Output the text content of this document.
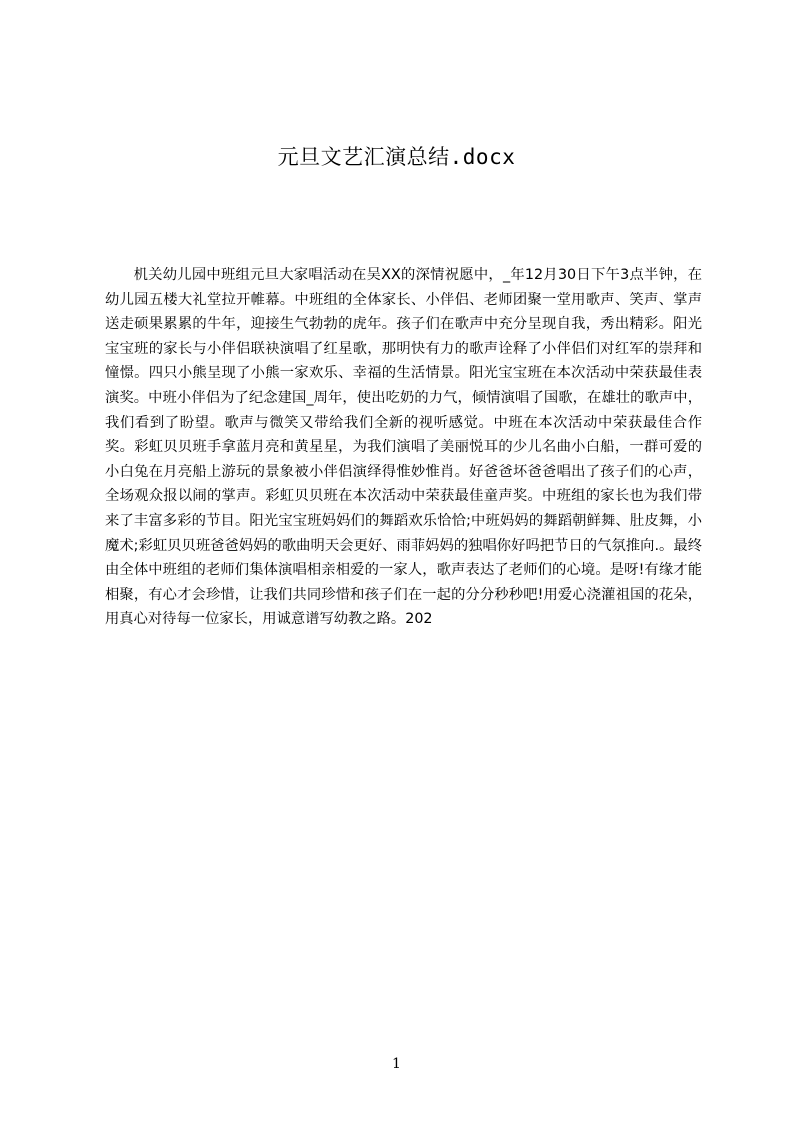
元旦文艺汇演总结.docx

机关幼儿园中班组元旦大家唱活动在吴XX的深情祝愿中，_年12月30日下午3点半钟，在幼儿园五楼大礼堂拉开帷幕。中班组的全体家长、小伴侣、老师团聚一堂用歌声、笑声、掌声送走硕果累累的牛年，迎接生气勃勃的虎年。孩子们在歌声中充分呈现自我，秀出精彩。阳光宝宝班的家长与小伴侣联袂演唱了红星歌，那明快有力的歌声诠释了小伴侣们对红军的崇拜和憧憬。四只小熊呈现了小熊一家欢乐、幸福的生活情景。阳光宝宝班在本次活动中荣获最佳表演奖。中班小伴侣为了纪念建国_周年，使出吃奶的力气，倾情演唱了国歌，在雄壮的歌声中，我们看到了盼望。歌声与微笑又带给我们全新的视听感觉。中班在本次活动中荣获最佳合作奖。彩虹贝贝班手拿蓝月亮和黄星星，为我们演唱了美丽悦耳的少儿名曲小白船，一群可爱的小白兔在月亮船上游玩的景象被小伴侣演绎得惟妙惟肖。好爸爸坏爸爸唱出了孩子们的心声，全场观众报以闹的掌声。彩虹贝贝班在本次活动中荣获最佳童声奖。中班组的家长也为我们带来了丰富多彩的节目。阳光宝宝班妈妈们的舞蹈欢乐恰恰;中班妈妈的舞蹈朝鲜舞、肚皮舞，小魔术;彩虹贝贝班爸爸妈妈的歌曲明天会更好、雨菲妈妈的独唱你好吗把节日的气氛推向.。最终由全体中班组的老师们集体演唱相亲相爱的一家人，歌声表达了老师们的心境。是呀!有缘才能相聚，有心才会珍惜，让我们共同珍惜和孩子们在一起的分分秒秒吧!用爱心浇灌祖国的花朵，用真心对待每一位家长，用诚意谱写幼教之路。202

1
